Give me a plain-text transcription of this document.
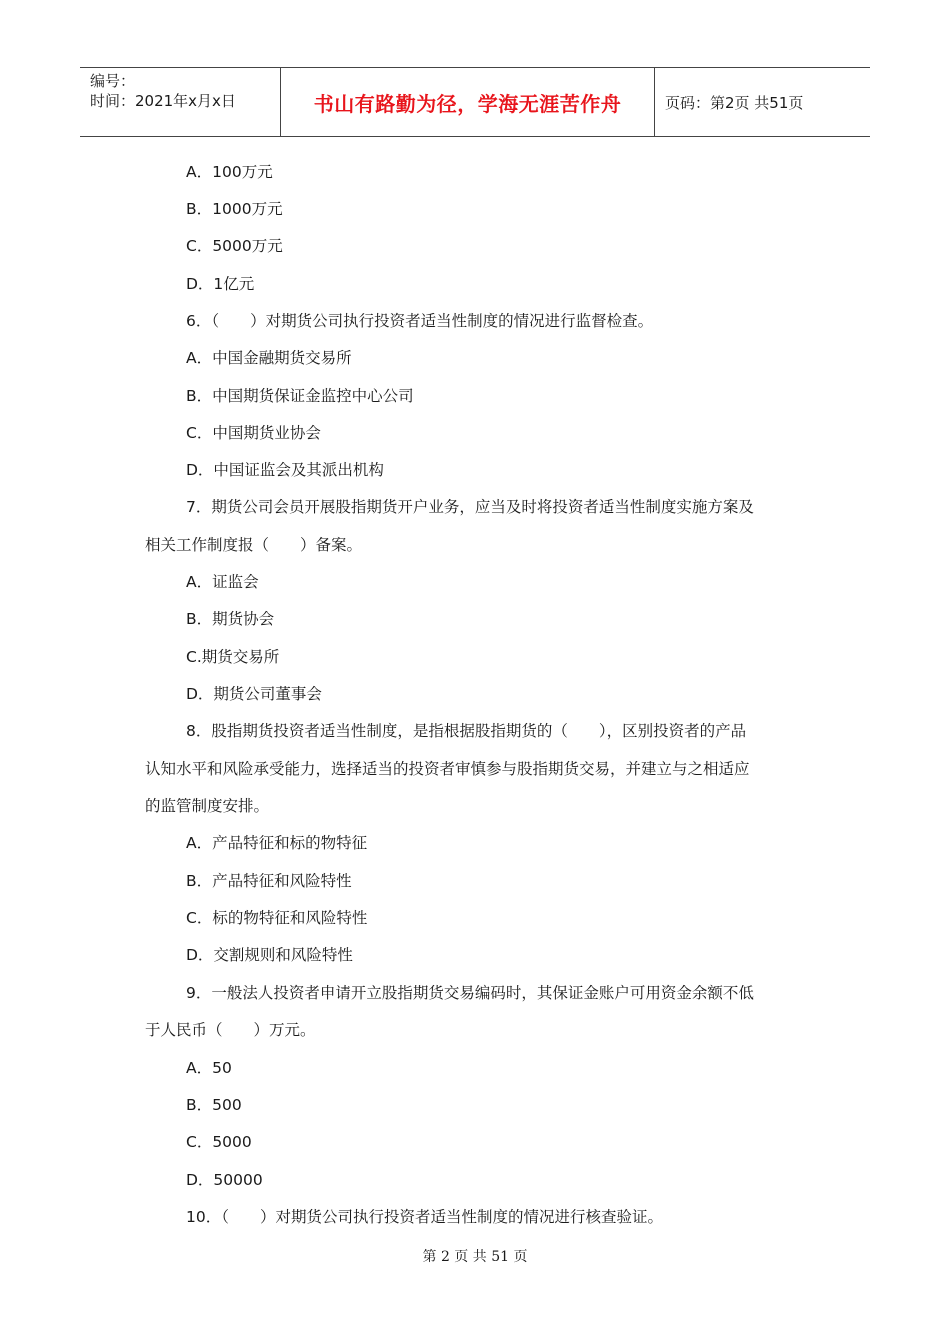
编号：
时间：2021年x月x日	书山有路勤为径，学海无涯苦作舟	页码：第2页 共51页
A．100万元
B．1000万元
C．5000万元
D．1亿元
6．（　　）对期货公司执行投资者适当性制度的情况进行监督检查。
A．中国金融期货交易所
B．中国期货保证金监控中心公司
C．中国期货业协会
D．中国证监会及其派出机构
7．期货公司会员开展股指期货开户业务，应当及时将投资者适当性制度实施方案及
相关工作制度报（　　）备案。
A．证监会
B．期货协会
C.期货交易所
D．期货公司董事会
8．股指期货投资者适当性制度，是指根据股指期货的（　　），区别投资者的产品
认知水平和风险承受能力，选择适当的投资者审慎参与股指期货交易，并建立与之相适应
的监管制度安排。
A．产品特征和标的物特征
B．产品特征和风险特性
C．标的物特征和风险特性
D．交割规则和风险特性
9．一般法人投资者申请开立股指期货交易编码时，其保证金账户可用资金余额不低
于人民币（　　）万元。
A．50
B．500
C．5000
D．50000
10．（　　）对期货公司执行投资者适当性制度的情况进行核查验证。
第 2 页 共 51 页
